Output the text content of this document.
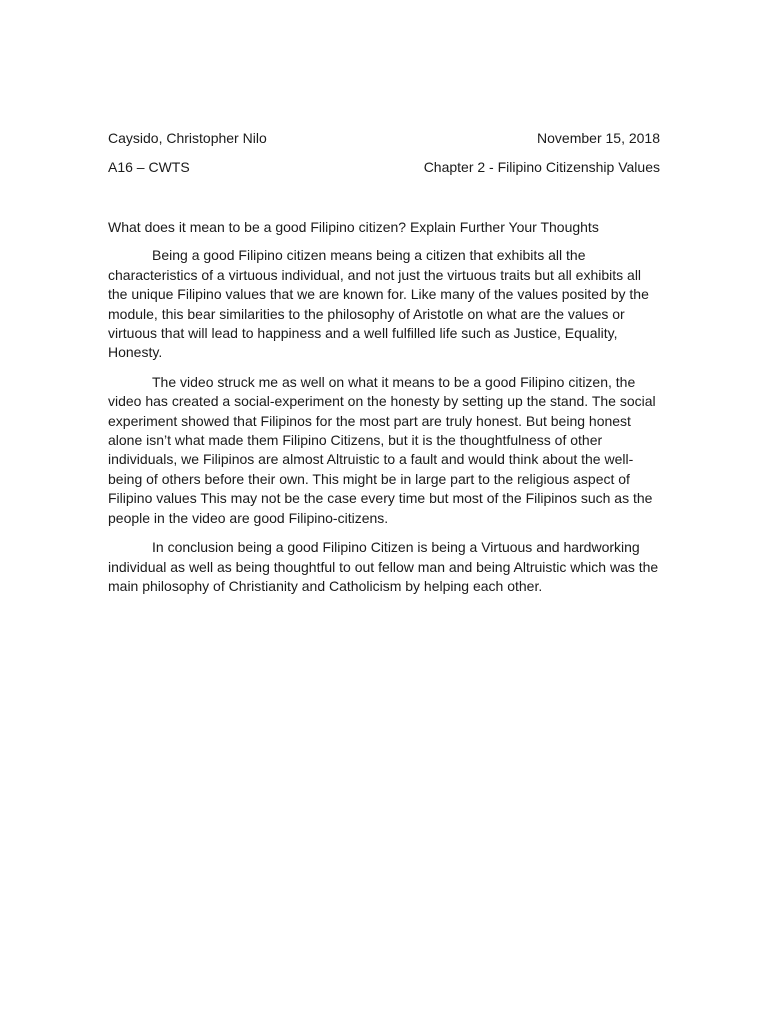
Caysido, Christopher Nilo	November 15, 2018
A16 – CWTS	Chapter 2 - Filipino Citizenship Values

What does it mean to be a good Filipino citizen? Explain Further Your Thoughts

Being a good Filipino citizen means being a citizen that exhibits all the characteristics of a virtuous individual, and not just the virtuous traits but all exhibits all the unique Filipino values that we are known for. Like many of the values posited by the module, this bear similarities to the philosophy of Aristotle on what are the values or virtuous that will lead to happiness and a well fulfilled life such as Justice, Equality, Honesty.

The video struck me as well on what it means to be a good Filipino citizen, the video has created a social-experiment on the honesty by setting up the stand. The social experiment showed that Filipinos for the most part are truly honest. But being honest alone isn’t what made them Filipino Citizens, but it is the thoughtfulness of other individuals, we Filipinos are almost Altruistic to a fault and would think about the well-being of others before their own. This might be in large part to the religious aspect of Filipino values This may not be the case every time but most of the Filipinos such as the people in the video are good Filipino-citizens.

In conclusion being a good Filipino Citizen is being a Virtuous and hardworking individual as well as being thoughtful to out fellow man and being Altruistic which was the main philosophy of Christianity and Catholicism by helping each other.
